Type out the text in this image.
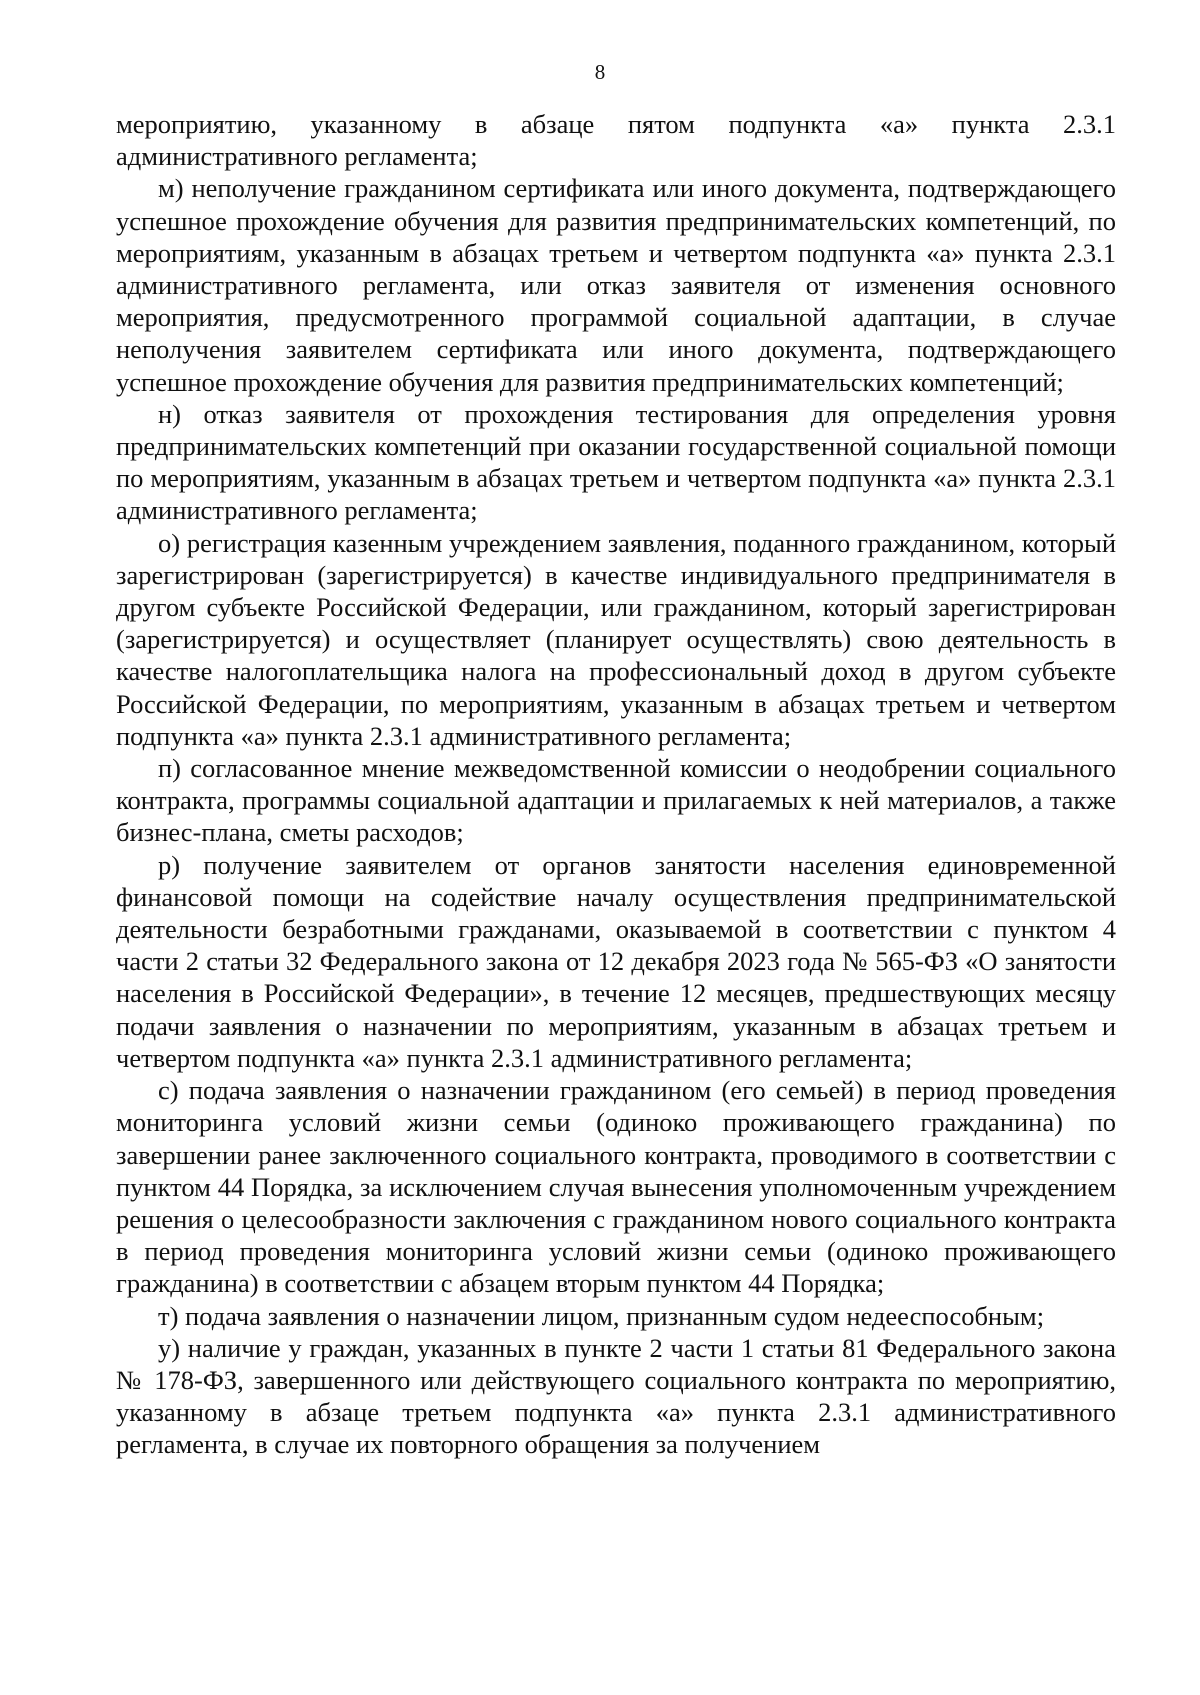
8

мероприятию, указанному в абзаце пятом подпункта «а» пункта 2.3.1 административного регламента;

м) неполучение гражданином сертификата или иного документа, подтверждающего успешное прохождение обучения для развития предпринимательских компетенций, по мероприятиям, указанным в абзацах третьем и четвертом подпункта «а» пункта 2.3.1 административного регламента, или отказ заявителя от изменения основного мероприятия, предусмотренного программой социальной адаптации, в случае неполучения заявителем сертификата или иного документа, подтверждающего успешное прохождение обучения для развития предпринимательских компетенций;

н) отказ заявителя от прохождения тестирования для определения уровня предпринимательских компетенций при оказании государственной социальной помощи по мероприятиям, указанным в абзацах третьем и четвертом подпункта «а» пункта 2.3.1 административного регламента;

о) регистрация казенным учреждением заявления, поданного гражданином, который зарегистрирован (зарегистрируется) в качестве индивидуального предпринимателя в другом субъекте Российской Федерации, или гражданином, который зарегистрирован (зарегистрируется) и осуществляет (планирует осуществлять) свою деятельность в качестве налогоплательщика налога на профессиональный доход в другом субъекте Российской Федерации, по мероприятиям, указанным в абзацах третьем и четвертом подпункта «а» пункта 2.3.1 административного регламента;

п) согласованное мнение межведомственной комиссии о неодобрении социального контракта, программы социальной адаптации и прилагаемых к ней материалов, а также бизнес-плана, сметы расходов;

р) получение заявителем от органов занятости населения единовременной финансовой помощи на содействие началу осуществления предпринимательской деятельности безработными гражданами, оказываемой в соответствии с пунктом 4 части 2 статьи 32 Федерального закона от 12 декабря 2023 года № 565-ФЗ «О занятости населения в Российской Федерации», в течение 12 месяцев, предшествующих месяцу подачи заявления о назначении по мероприятиям, указанным в абзацах третьем и четвертом подпункта «а» пункта 2.3.1 административного регламента;

с) подача заявления о назначении гражданином (его семьей) в период проведения мониторинга условий жизни семьи (одиноко проживающего гражданина) по завершении ранее заключенного социального контракта, проводимого в соответствии с пунктом 44 Порядка, за исключением случая вынесения уполномоченным учреждением решения о целесообразности заключения с гражданином нового социального контракта в период проведения мониторинга условий жизни семьи (одиноко проживающего гражданина) в соответствии с абзацем вторым пунктом 44 Порядка;

т) подача заявления о назначении лицом, признанным судом недееспособным;

у) наличие у граждан, указанных в пункте 2 части 1 статьи 81 Федерального закона № 178-ФЗ, завершенного или действующего социального контракта по мероприятию, указанному в абзаце третьем подпункта «а» пункта 2.3.1 административного регламента, в случае их повторного обращения за получением
